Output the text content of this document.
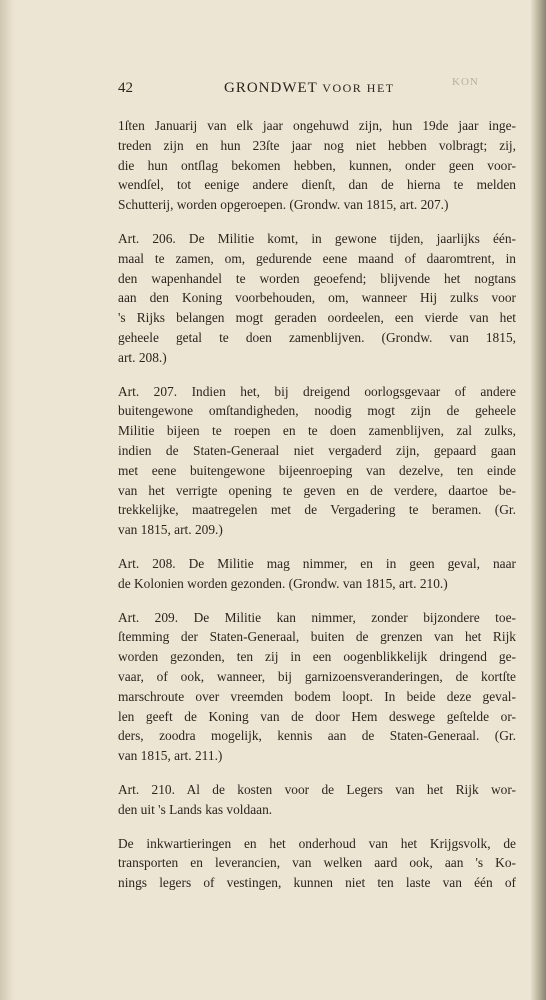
KON
42	GRONDWET VOOR HET
1ſten Januarij van elk jaar ongehuwd zijn, hun 19de jaar inge-
treden zijn en hun 23ſte jaar nog niet hebben volbragt; zij,
die hun ontſlag bekomen hebben, kunnen, onder geen voor-
wendſel, tot eenige andere dienſt, dan de hierna te melden
Schutterij, worden opgeroepen. (Grondw. van 1815, art. 207.)
Art. 206. De Militie komt, in gewone tijden, jaarlijks één-
maal te zamen, om, gedurende eene maand of daaromtrent, in
den wapenhandel te worden geoefend; blijvende het nogtans
aan den Koning voorbehouden, om, wanneer Hij zulks voor
's Rijks belangen mogt geraden oordeelen, een vierde van het
geheele getal te doen zamenblijven. (Grondw. van 1815,
art. 208.)
Art. 207. Indien het, bij dreigend oorlogsgevaar of andere
buitengewone omſtandigheden, noodig mogt zijn de geheele
Militie bijeen te roepen en te doen zamenblijven, zal zulks,
indien de Staten-Generaal niet vergaderd zijn, gepaard gaan
met eene buitengewone bijeenroeping van dezelve, ten einde
van het verrigte opening te geven en de verdere, daartoe be-
trekkelijke, maatregelen met de Vergadering te beramen. (Gr.
van 1815, art. 209.)
Art. 208. De Militie mag nimmer, en in geen geval, naar
de Kolonien worden gezonden. (Grondw. van 1815, art. 210.)
Art. 209. De Militie kan nimmer, zonder bijzondere toe-
ſtemming der Staten-Generaal, buiten de grenzen van het Rijk
worden gezonden, ten zij in een oogenblikkelijk dringend ge-
vaar, of ook, wanneer, bij garnizoensveranderingen, de kortſte
marschroute over vreemden bodem loopt. In beide deze geval-
len geeft de Koning van de door Hem deswege geſtelde or-
ders, zoodra mogelijk, kennis aan de Staten-Generaal. (Gr.
van 1815, art. 211.)
Art. 210. Al de kosten voor de Legers van het Rijk wor-
den uit 's Lands kas voldaan.
De inkwartieringen en het onderhoud van het Krijgsvolk, de
transporten en leverancien, van welken aard ook, aan 's Ko-
nings legers of vestingen, kunnen niet ten laste van één of
